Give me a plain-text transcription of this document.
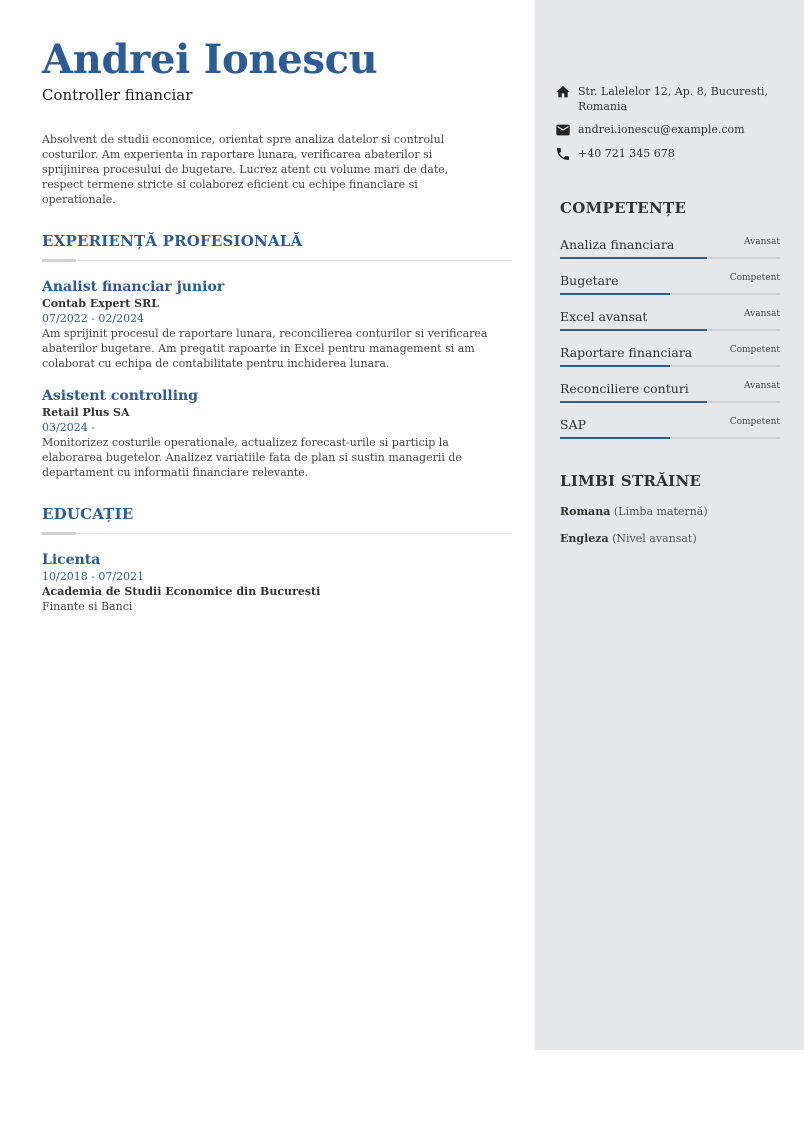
Andrei Ionescu
Controller financiar
Absolvent de studii economice, orientat spre analiza datelor si controlul costurilor. Am experienta in raportare lunara, verificarea abaterilor si sprijinirea procesului de bugetare. Lucrez atent cu volume mari de date, respect termene stricte si colaborez eficient cu echipe financiare si operationale.
EXPERIENȚĂ PROFESIONALĂ
Analist financiar junior
Contab Expert SRL
07/2022 - 02/2024
Am sprijinit procesul de raportare lunara, reconcilierea conturilor si verificarea abaterilor bugetare. Am pregatit rapoarte in Excel pentru management si am colaborat cu echipa de contabilitate pentru inchiderea lunara.
Asistent controlling
Retail Plus SA
03/2024 -
Monitorizez costurile operationale, actualizez forecast-urile si particip la elaborarea bugetelor. Analizez variatiile fata de plan si sustin managerii de departament cu informatii financiare relevante.
EDUCAȚIE
Licenta
10/2018 - 07/2021
Academia de Studii Economice din Bucuresti
Finante si Banci
Str. Lalelelor 12, Ap. 8, Bucuresti, Romania
andrei.ionescu@example.com
+40 721 345 678
COMPETENȚE
Analiza financiara	Avansat
Bugetare	Competent
Excel avansat	Avansat
Raportare financiara	Competent
Reconciliere conturi	Avansat
SAP	Competent
LIMBI STRĂINE
Romana (Limba maternă)
Engleza (Nivel avansat)
